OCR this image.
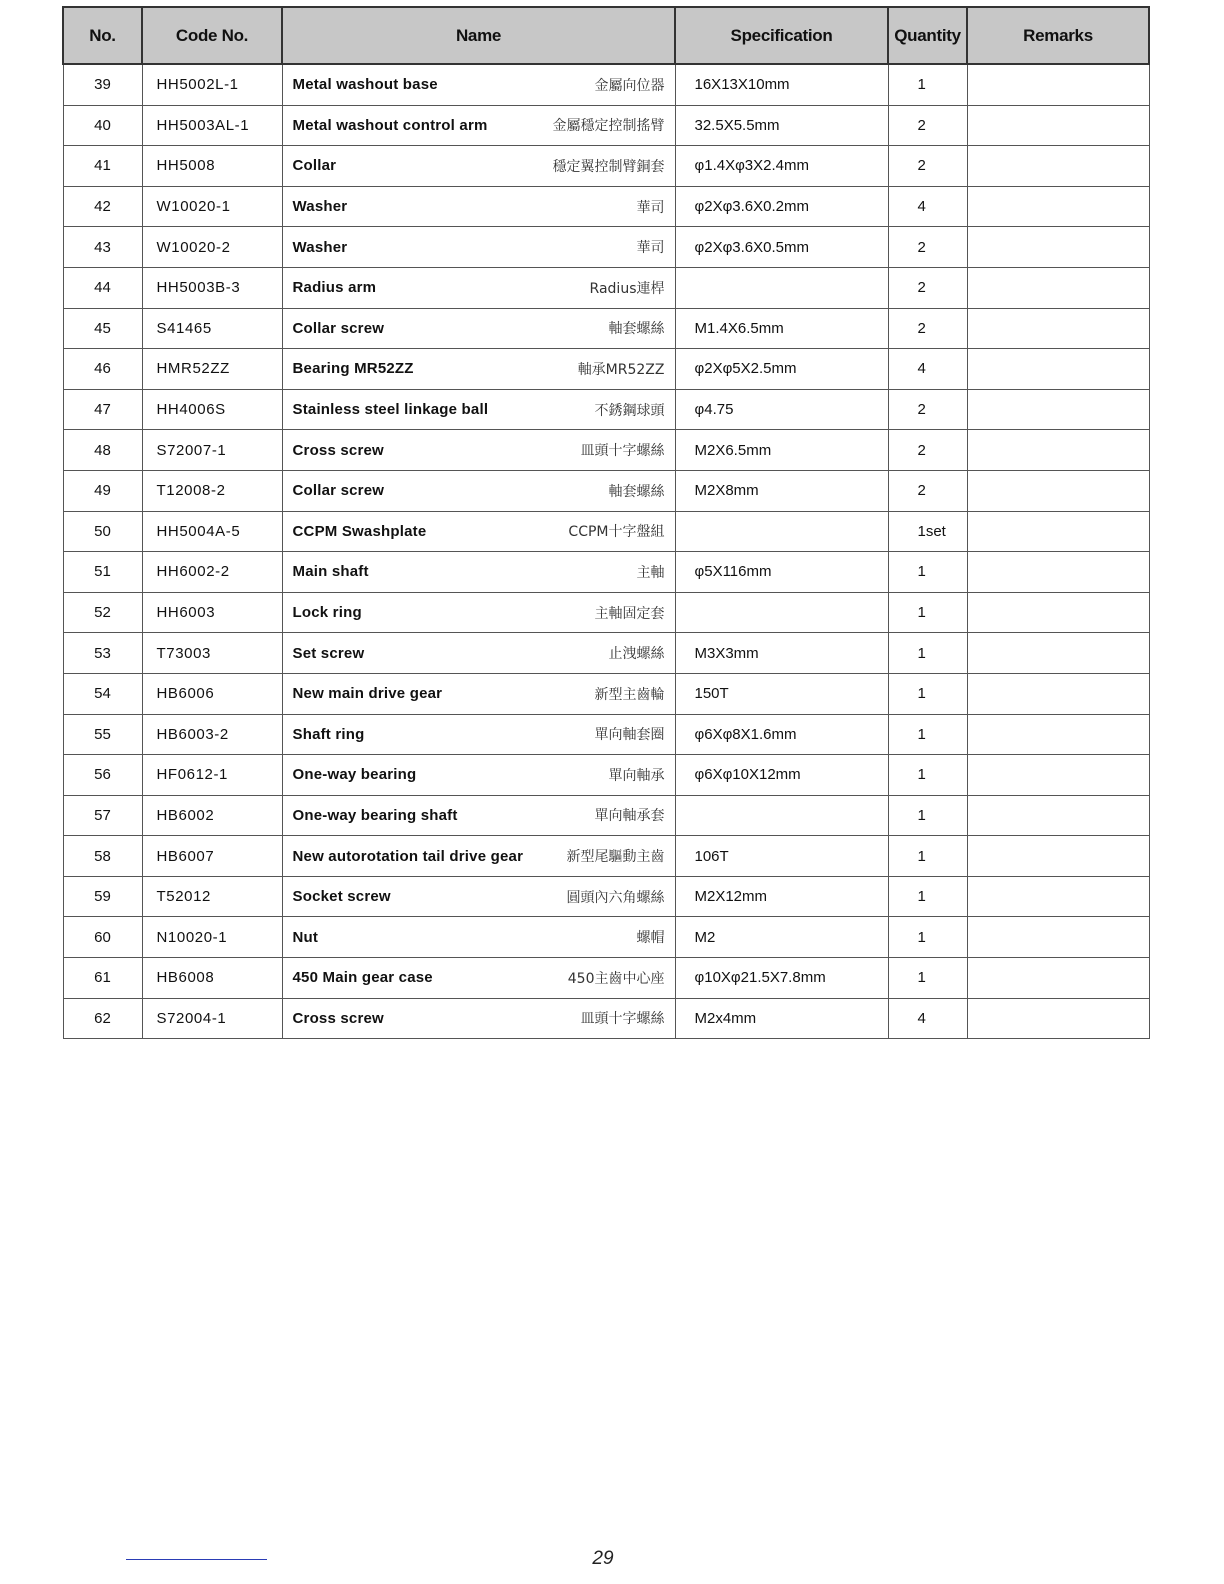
No.	Code No.	Name	Specification	Quantity	Remarks
39	HH5002L-1	Metal washout base 金屬向位器	16X13X10mm	1	
40	HH5003AL-1	Metal washout control arm 金屬穩定控制搖臂	32.5X5.5mm	2	
41	HH5008	Collar 穩定翼控制臂銅套	φ1.4Xφ3X2.4mm	2	
42	W10020-1	Washer 華司	φ2Xφ3.6X0.2mm	4	
43	W10020-2	Washer 華司	φ2Xφ3.6X0.5mm	2	
44	HH5003B-3	Radius arm Radius連桿		2	
45	S41465	Collar screw 軸套螺絲	M1.4X6.5mm	2	
46	HMR52ZZ	Bearing MR52ZZ 軸承MR52ZZ	φ2Xφ5X2.5mm	4	
47	HH4006S	Stainless steel linkage ball 不銹鋼球頭	φ4.75	2	
48	S72007-1	Cross screw 皿頭十字螺絲	M2X6.5mm	2	
49	T12008-2	Collar screw 軸套螺絲	M2X8mm	2	
50	HH5004A-5	CCPM Swashplate CCPM十字盤組		1set	
51	HH6002-2	Main shaft 主軸	φ5X116mm	1	
52	HH6003	Lock ring 主軸固定套		1	
53	T73003	Set screw 止洩螺絲	M3X3mm	1	
54	HB6006	New main drive gear 新型主齒輪	150T	1	
55	HB6003-2	Shaft ring 單向軸套圈	φ6Xφ8X1.6mm	1	
56	HF0612-1	One-way bearing 單向軸承	φ6Xφ10X12mm	1	
57	HB6002	One-way bearing shaft 單向軸承套		1	
58	HB6007	New autorotation tail drive gear 新型尾驅動主齒	106T	1	
59	T52012	Socket screw 圓頭內六角螺絲	M2X12mm	1	
60	N10020-1	Nut 螺帽	M2	1	
61	HB6008	450 Main gear case 450主齒中心座	φ10Xφ21.5X7.8mm	1	
62	S72004-1	Cross screw 皿頭十字螺絲	M2x4mm	4	
29
